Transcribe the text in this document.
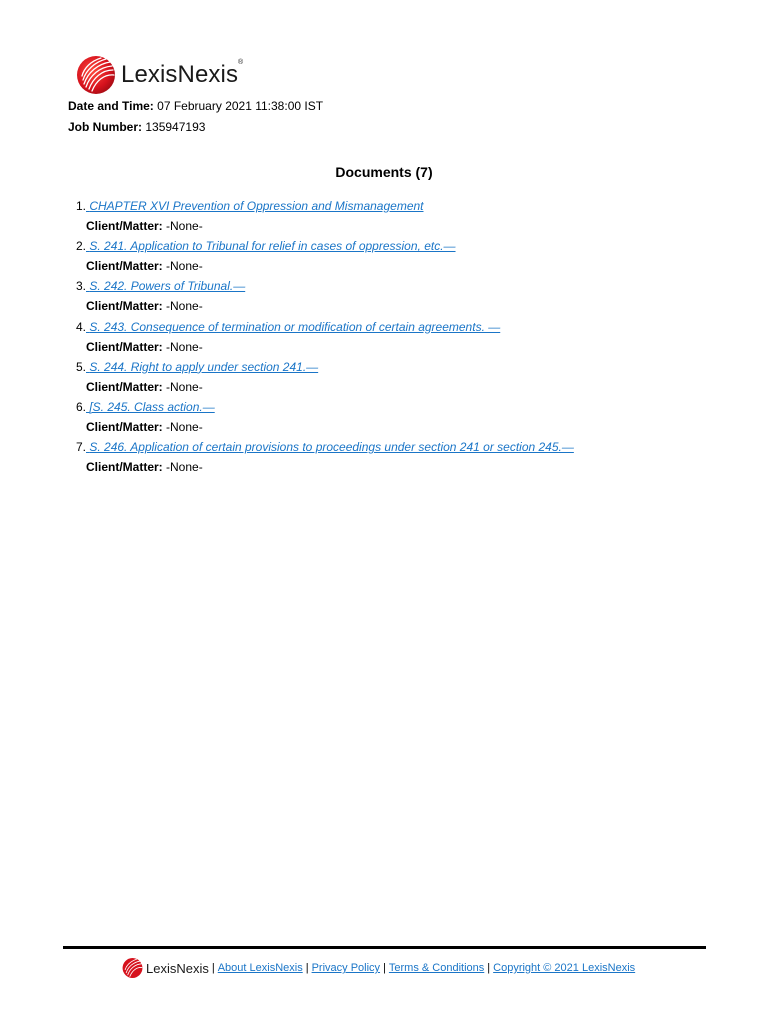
LexisNexis®
Date and Time: 07 February 2021 11:38:00 IST
Job Number: 135947193
Documents (7)
1. CHAPTER XVI Prevention of Oppression and Mismanagement
Client/Matter: -None-
2. S. 241. Application to Tribunal for relief in cases of oppression, etc.—
Client/Matter: -None-
3. S. 242. Powers of Tribunal.—
Client/Matter: -None-
4. S. 243. Consequence of termination or modification of certain agreements. —
Client/Matter: -None-
5. S. 244. Right to apply under section 241.—
Client/Matter: -None-
6. [S. 245. Class action.—
Client/Matter: -None-
7. S. 246. Application of certain provisions to proceedings under section 241 or section 245.—
Client/Matter: -None-
LexisNexis | About LexisNexis | Privacy Policy | Terms & Conditions | Copyright © 2021 LexisNexis
